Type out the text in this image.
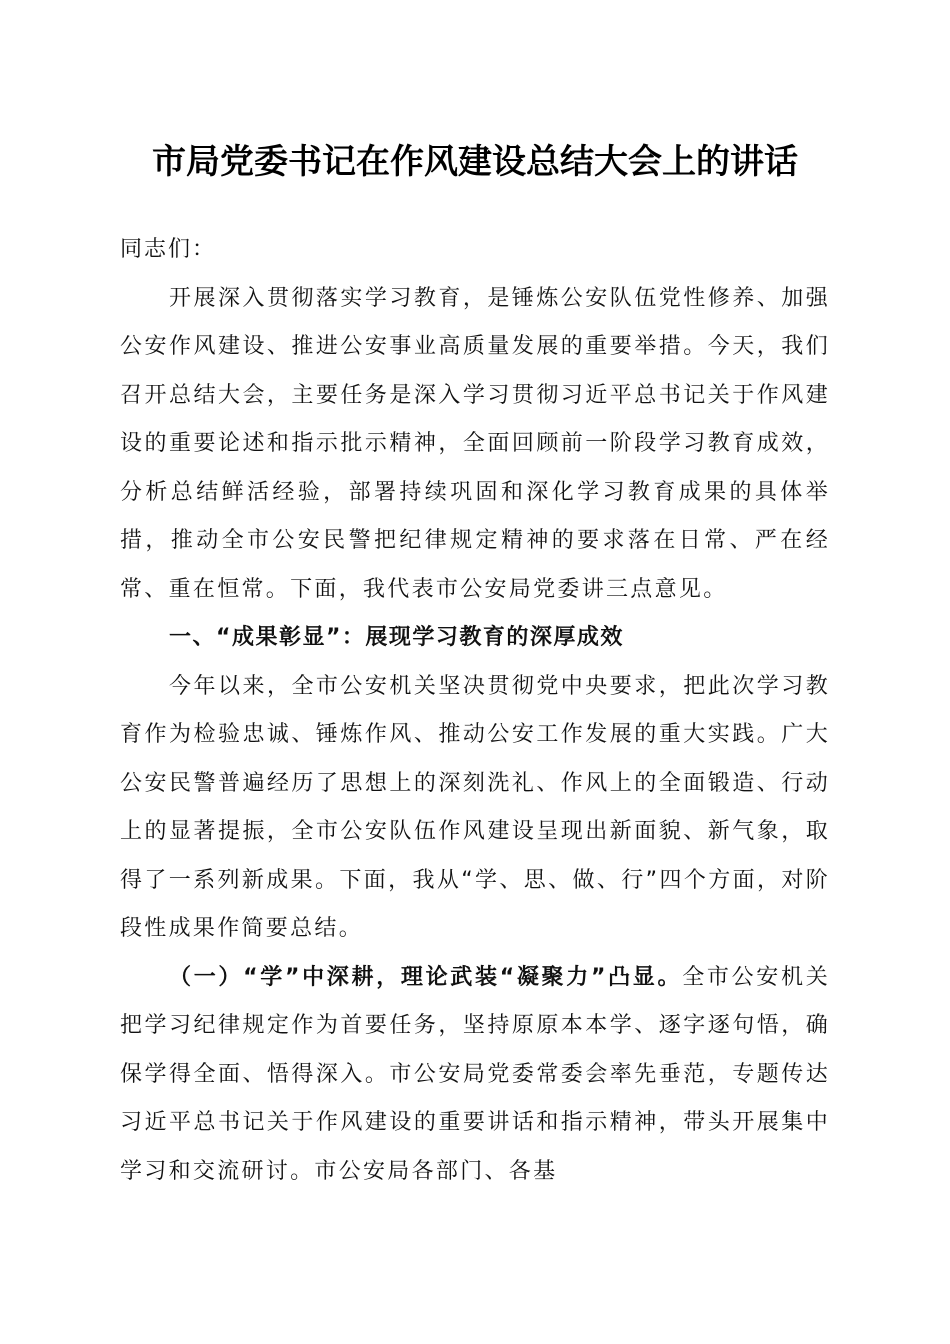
市局党委书记在作风建设总结大会上的讲话

同志们：

开展深入贯彻落实学习教育，是锤炼公安队伍党性修养、加强公安作风建设、推进公安事业高质量发展的重要举措。今天，我们召开总结大会，主要任务是深入学习贯彻习近平总书记关于作风建设的重要论述和指示批示精神，全面回顾前一阶段学习教育成效，分析总结鲜活经验，部署持续巩固和深化学习教育成果的具体举措，推动全市公安民警把纪律规定精神的要求落在日常、严在经常、重在恒常。下面，我代表市公安局党委讲三点意见。

一、“成果彰显”：展现学习教育的深厚成效

今年以来，全市公安机关坚决贯彻党中央要求，把此次学习教育作为检验忠诚、锤炼作风、推动公安工作发展的重大实践。广大公安民警普遍经历了思想上的深刻洗礼、作风上的全面锻造、行动上的显著提振，全市公安队伍作风建设呈现出新面貌、新气象，取得了一系列新成果。下面，我从“学、思、做、行”四个方面，对阶段性成果作简要总结。

（一）“学”中深耕，理论武装“凝聚力”凸显。全市公安机关把学习纪律规定作为首要任务，坚持原原本本学、逐字逐句悟，确保学得全面、悟得深入。市公安局党委常委会率先垂范，专题传达习近平总书记关于作风建设的重要讲话和指示精神，带头开展集中学习和交流研讨。市公安局各部门、各基
